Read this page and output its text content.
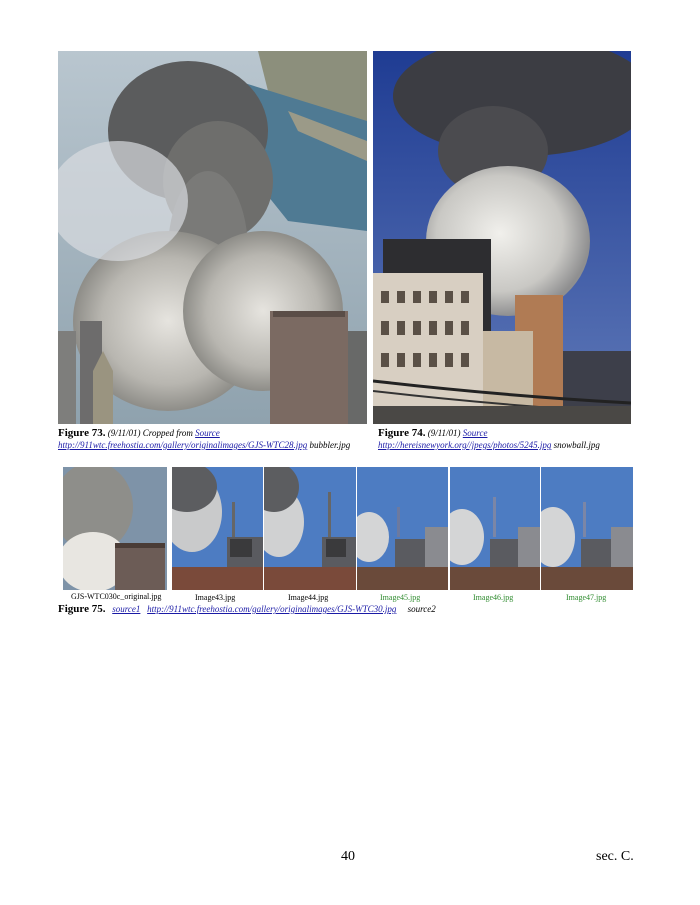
Figure 73. (9/11/01) Cropped from Source
http://911wtc.freehostia.com/gallery/originalimages/GJS-WTC28.jpg bubbler.jpg
Figure 74. (9/11/01) Source
http://hereisnewyork.org//jpegs/photos/5245.jpg snowball.jpg
GJS-WTC030c_original.jpg	Image43.jpg	Image44.jpg	Image45.jpg	Image46.jpg	Image47.jpg
Figure 75. source1 http://911wtc.freehostia.com/gallery/originalimages/GJS-WTC30.jpg source2
40	sec. C.
